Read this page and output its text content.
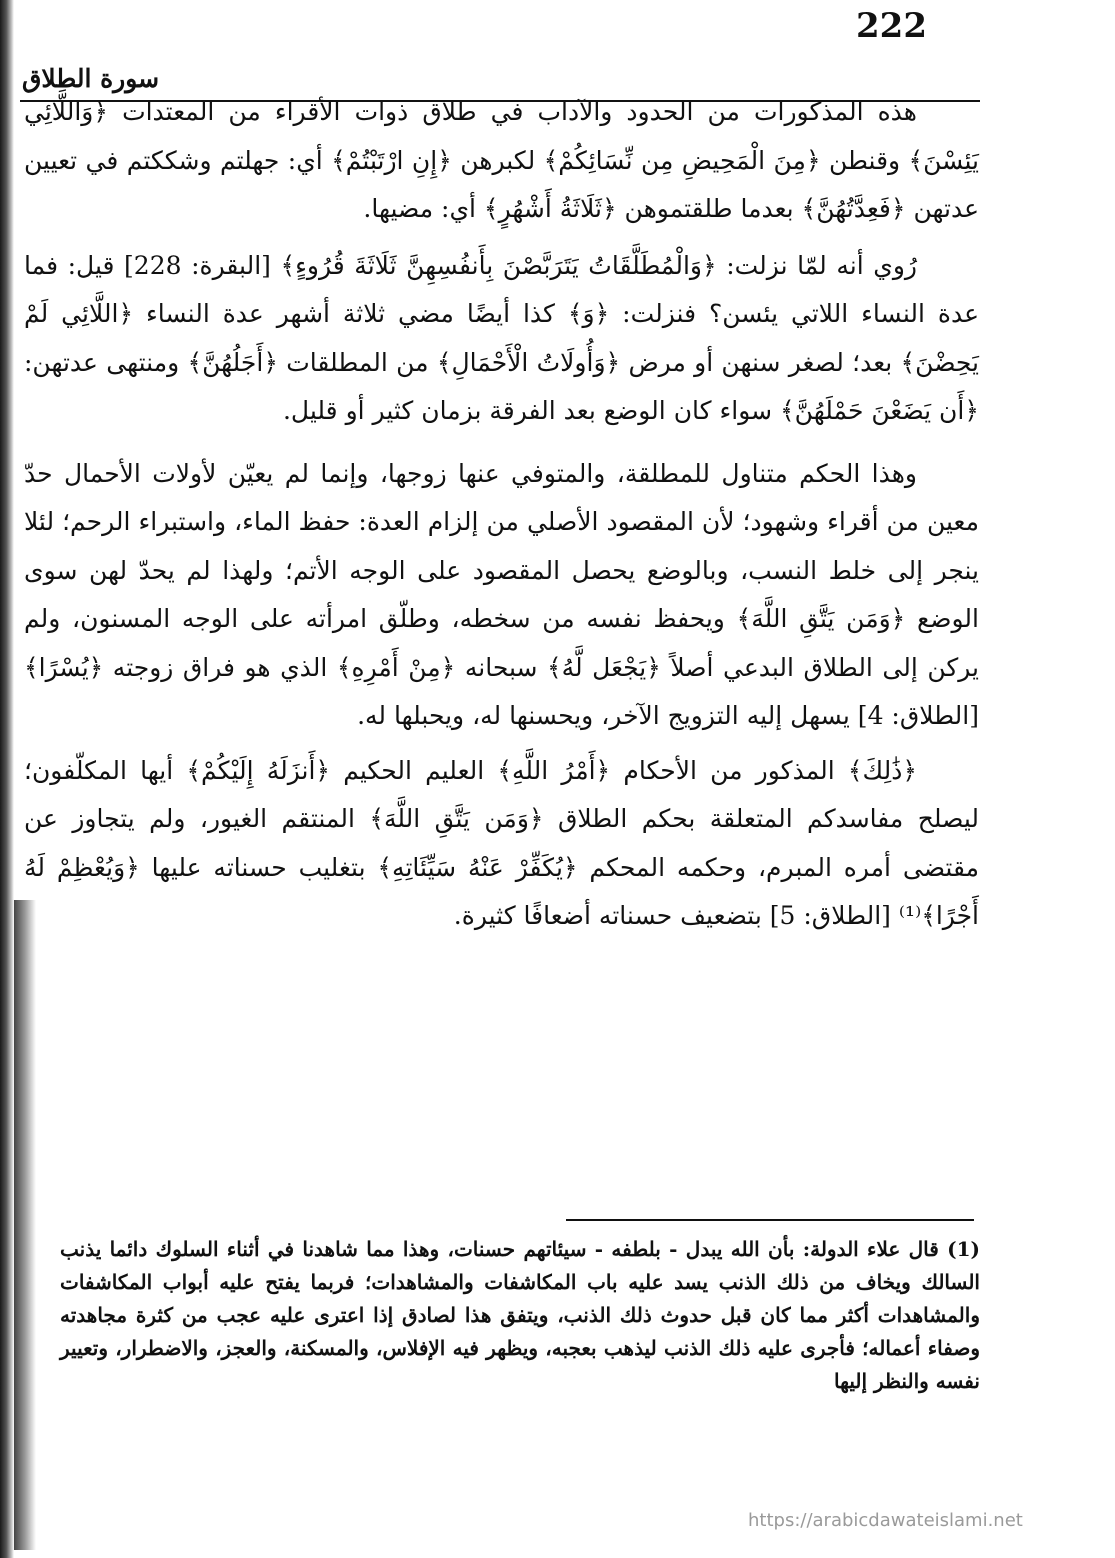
222
سورة الطلاق

هذه المذكورات من الحدود والآداب في طلاق ذوات الأقراء من المعتدات ﴿وَاللَّائِي يَئِسْنَ﴾ وقنطن ﴿مِنَ الْمَحِيضِ مِن نِّسَائِكُمْ﴾ لكبرهن ﴿إِنِ ارْتَبْتُمْ﴾ أي: جهلتم وشككتم في تعيين عدتهن ﴿فَعِدَّتُهُنَّ﴾ بعدما طلقتموهن ﴿ثَلَاثَةُ أَشْهُرٍ﴾ أي: مضيها.

رُوي أنه لمّا نزلت: ﴿وَالْمُطَلَّقَاتُ يَتَرَبَّصْنَ بِأَنفُسِهِنَّ ثَلَاثَةَ قُرُوءٍ﴾ [البقرة: 228] قيل: فما عدة النساء اللاتي يئسن؟ فنزلت: ﴿وَ﴾ كذا أيضًا مضي ثلاثة أشهر عدة النساء ﴿اللَّائِي لَمْ يَحِضْنَ﴾ بعد؛ لصغر سنهن أو مرض ﴿وَأُولَاتُ الْأَحْمَالِ﴾ من المطلقات ﴿أَجَلُهُنَّ﴾ ومنتهى عدتهن: ﴿أَن يَضَعْنَ حَمْلَهُنَّ﴾ سواء كان الوضع بعد الفرقة بزمان كثير أو قليل.

وهذا الحكم متناول للمطلقة، والمتوفي عنها زوجها، وإنما لم يعيّن لأولات الأحمال حدّ معين من أقراء وشهود؛ لأن المقصود الأصلي من إلزام العدة: حفظ الماء، واستبراء الرحم؛ لئلا ينجر إلى خلط النسب، وبالوضع يحصل المقصود على الوجه الأتم؛ ولهذا لم يحدّ لهن سوى الوضع ﴿وَمَن يَتَّقِ اللَّهَ﴾ ويحفظ نفسه من سخطه، وطلّق امرأته على الوجه المسنون، ولم يركن إلى الطلاق البدعي أصلاً ﴿يَجْعَل لَّهُ﴾ سبحانه ﴿مِنْ أَمْرِهِ﴾ الذي هو فراق زوجته ﴿يُسْرًا﴾ [الطلاق: 4] يسهل إليه التزويج الآخر، ويحسنها له، ويحبلها له.

﴿ذَٰلِكَ﴾ المذكور من الأحكام ﴿أَمْرُ اللَّهِ﴾ العليم الحكيم ﴿أَنزَلَهُ إِلَيْكُمْ﴾ أيها المكلّفون؛ ليصلح مفاسدكم المتعلقة بحكم الطلاق ﴿وَمَن يَتَّقِ اللَّهَ﴾ المنتقم الغيور، ولم يتجاوز عن مقتضى أمره المبرم، وحكمه المحكم ﴿يُكَفِّرْ عَنْهُ سَيِّئَاتِهِ﴾ بتغليب حسناته عليها ﴿وَيُعْظِمْ لَهُ أَجْرًا﴾⁽¹⁾ [الطلاق: 5] بتضعيف حسناته أضعافًا كثيرة.

(1) قال علاء الدولة: بأن الله يبدل - بلطفه - سيئاتهم حسنات، وهذا مما شاهدنا في أثناء السلوك دائما يذنب السالك ويخاف من ذلك الذنب يسد عليه باب المكاشفات والمشاهدات؛ فربما يفتح عليه أبواب المكاشفات والمشاهدات أكثر مما كان قبل حدوث ذلك الذنب، ويتفق هذا لصادق إذا اعترى عليه عجب من كثرة مجاهدته وصفاء أعماله؛ فأجرى عليه ذلك الذنب ليذهب بعجبه، ويظهر فيه الإفلاس، والمسكنة، والعجز، والاضطرار، وتعيير نفسه والنظر إليها

https://arabicdawateislami.net
